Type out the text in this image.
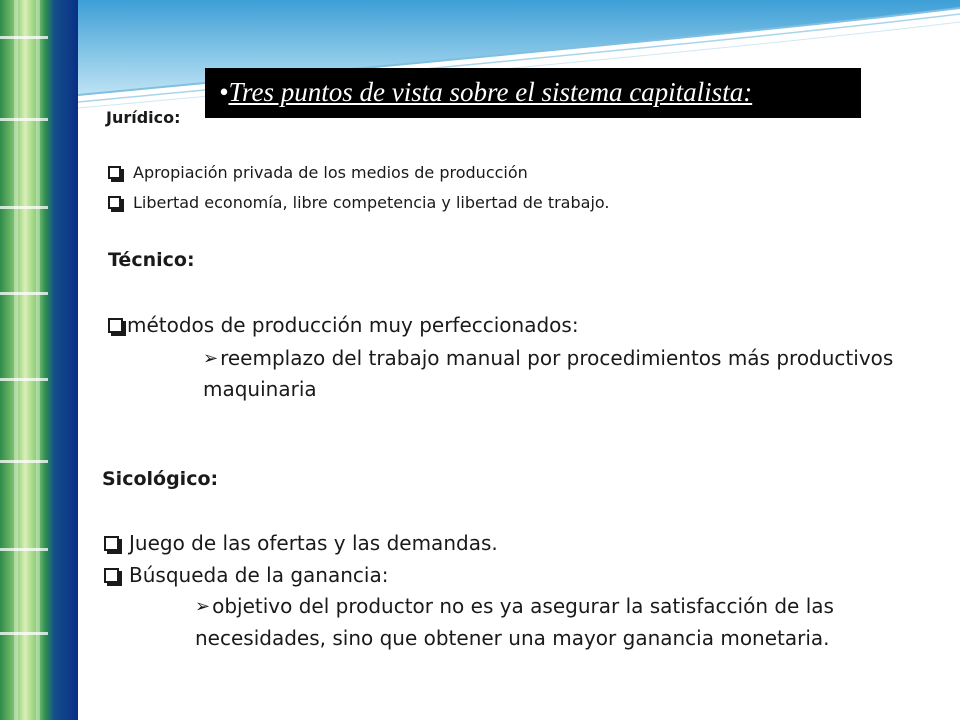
•Tres puntos de vista sobre el sistema capitalista:
Jurídico:
Apropiación privada de los medios de producción
Libertad economía, libre competencia y libertad de trabajo.
Técnico:
métodos de producción muy perfeccionados:
➢ reemplazo del trabajo manual por procedimientos más productivos
maquinaria
Sicológico:
Juego de las ofertas y las demandas.
Búsqueda de la ganancia:
➢ objetivo del productor no es ya asegurar la satisfacción de las
necesidades, sino que obtener una mayor ganancia monetaria.
